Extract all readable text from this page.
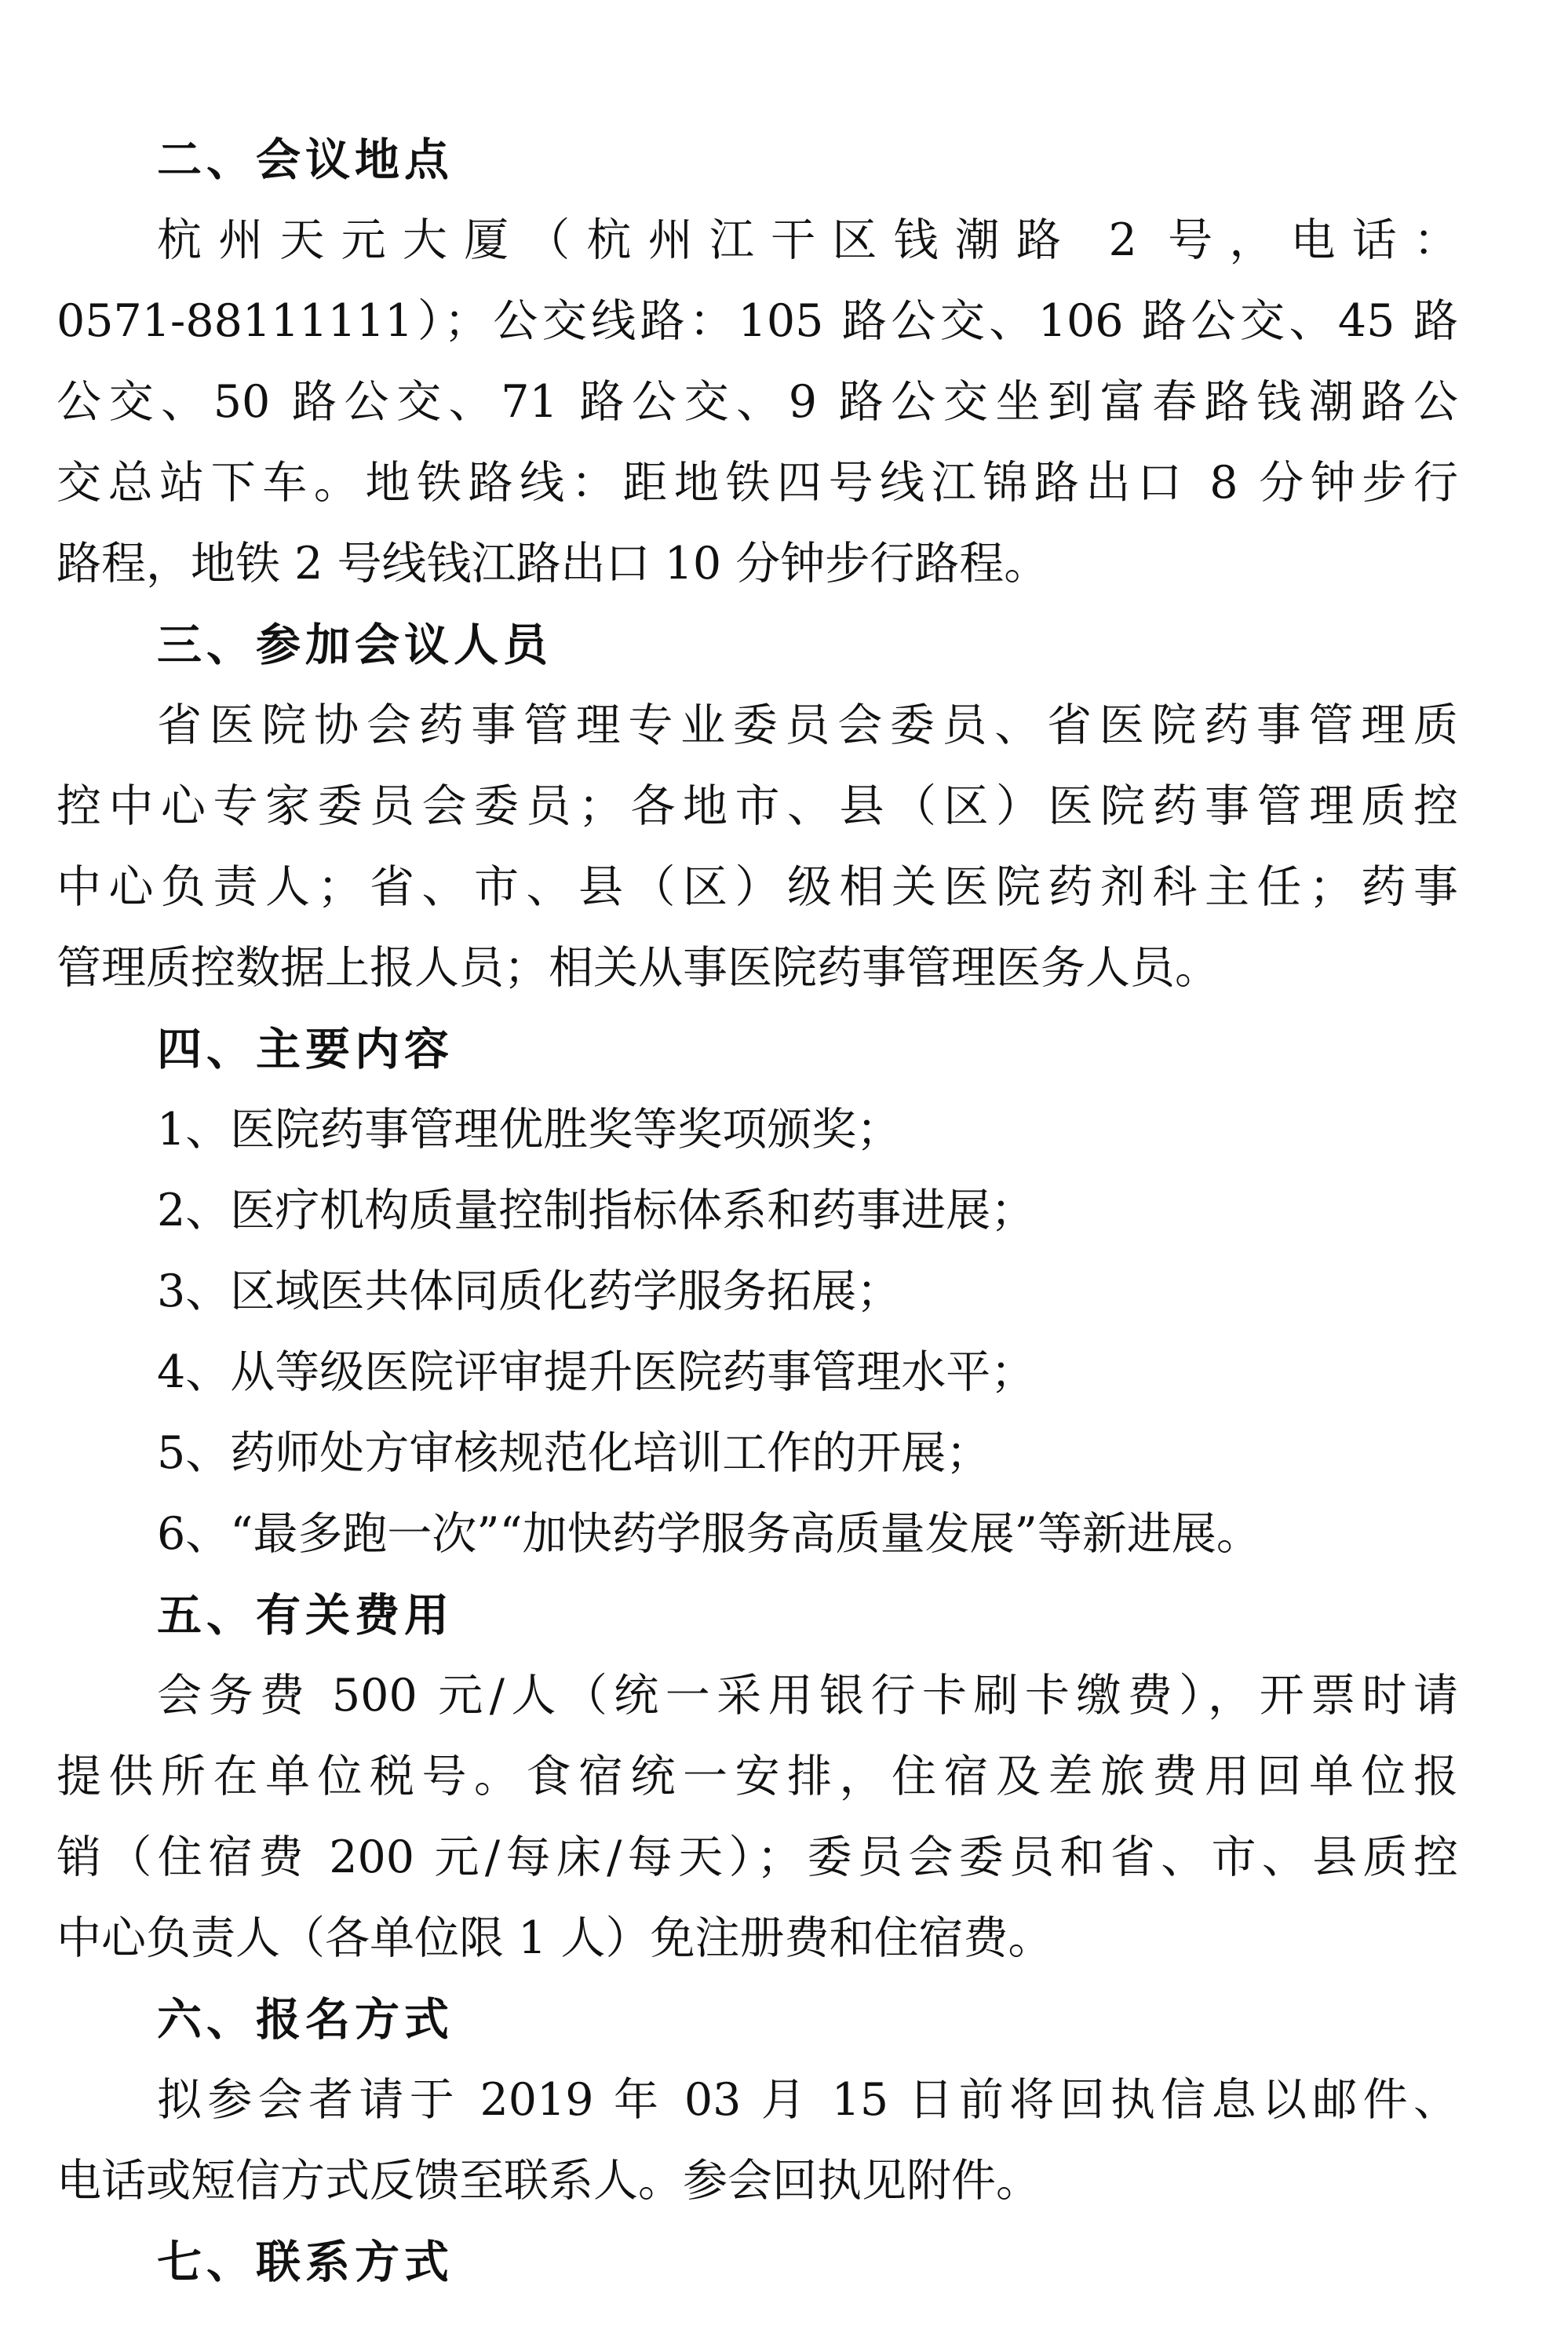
二、会议地点
杭州天元大厦（杭州江干区钱潮路 2 号，电话：
0571-88111111）；公交线路：105 路公交、106 路公交、45 路
公交、50 路公交、71 路公交、9 路公交坐到富春路钱潮路公
交总站下车。地铁路线：距地铁四号线江锦路出口 8 分钟步行
路程，地铁 2 号线钱江路出口 10 分钟步行路程。
三、参加会议人员
省医院协会药事管理专业委员会委员、省医院药事管理质
控中心专家委员会委员；各地市、县（区）医院药事管理质控
中心负责人；省、市、县（区）级相关医院药剂科主任；药事
管理质控数据上报人员；相关从事医院药事管理医务人员。
四、主要内容
1、医院药事管理优胜奖等奖项颁奖；
2、医疗机构质量控制指标体系和药事进展；
3、区域医共体同质化药学服务拓展；
4、从等级医院评审提升医院药事管理水平；
5、药师处方审核规范化培训工作的开展；
6、“最多跑一次”“加快药学服务高质量发展”等新进展。
五、有关费用
会务费 500 元/人（统一采用银行卡刷卡缴费），开票时请
提供所在单位税号。食宿统一安排，住宿及差旅费用回单位报
销（住宿费 200 元/每床/每天）；委员会委员和省、市、县质控
中心负责人（各单位限 1 人）免注册费和住宿费。
六、报名方式
拟参会者请于 2019 年 03 月 15 日前将回执信息以邮件、
电话或短信方式反馈至联系人。参会回执见附件。
七、联系方式
